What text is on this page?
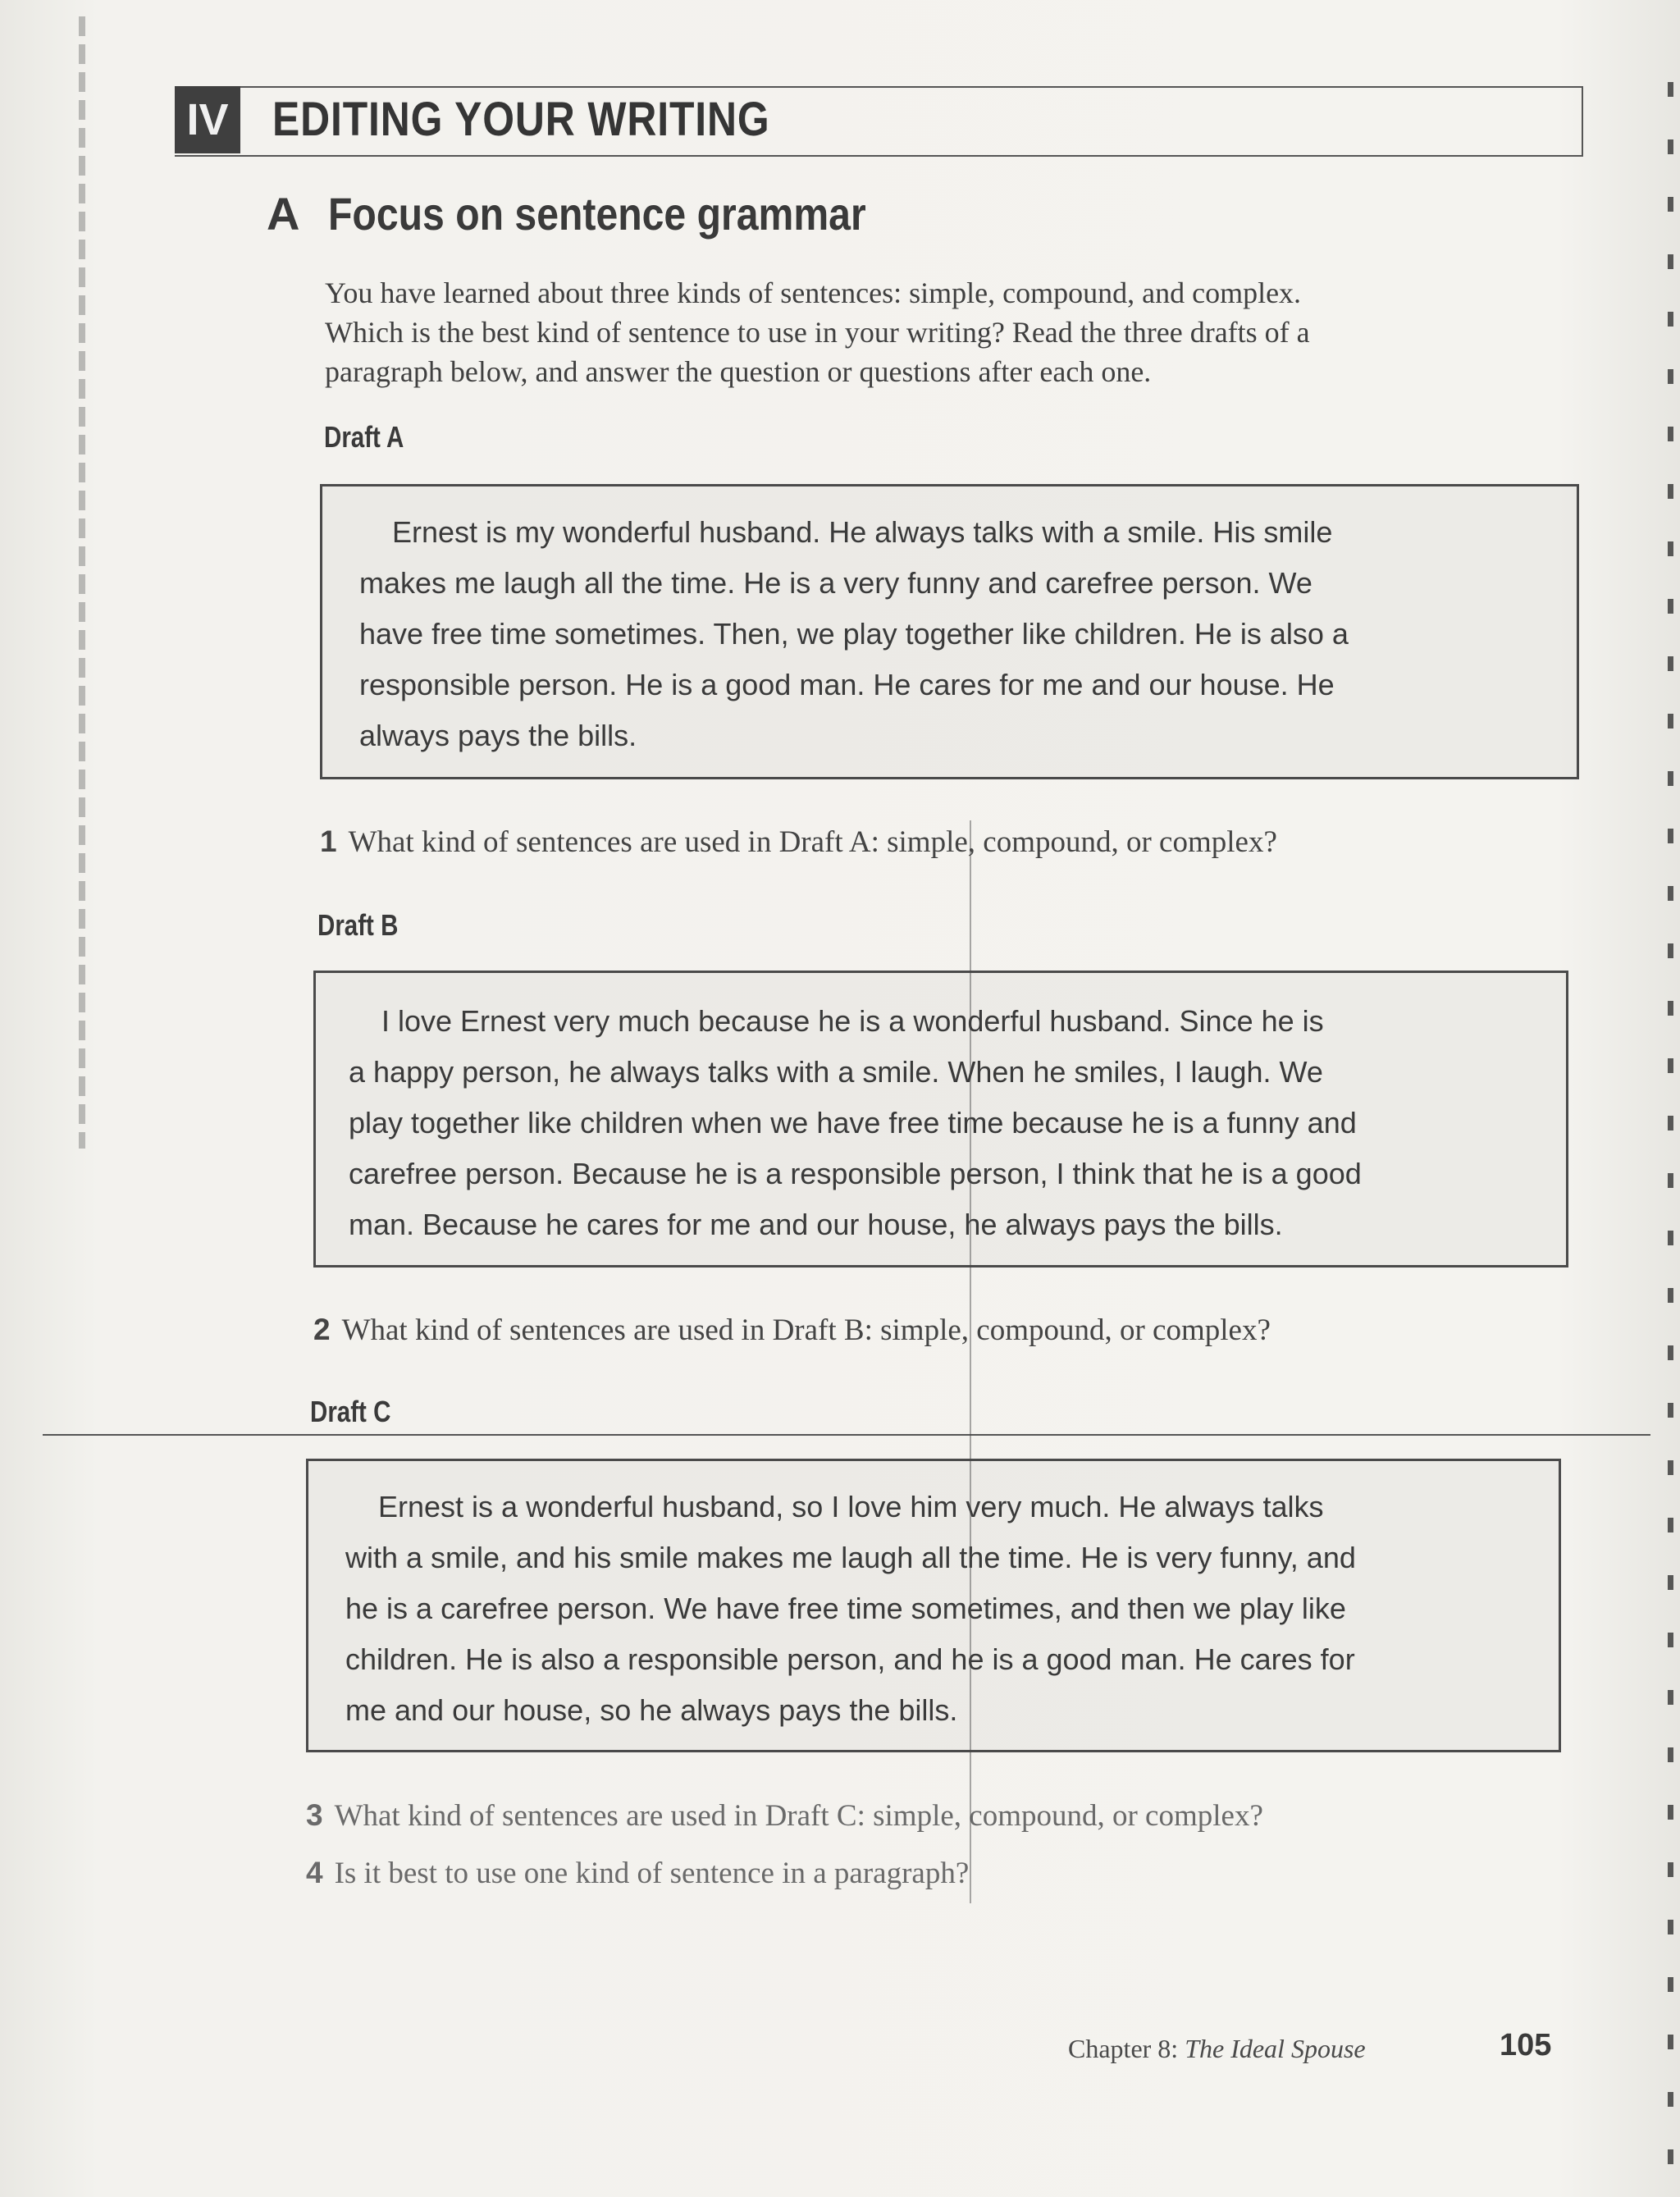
IV EDITING YOUR WRITING
A Focus on sentence grammar
You have learned about three kinds of sentences: simple, compound, and complex.
Which is the best kind of sentence to use in your writing? Read the three drafts of a
paragraph below, and answer the question or questions after each one.
Draft A
Ernest is my wonderful husband. He always talks with a smile. His smile
makes me laugh all the time. He is a very funny and carefree person. We
have free time sometimes. Then, we play together like children. He is also a
responsible person. He is a good man. He cares for me and our house. He
always pays the bills.
1 What kind of sentences are used in Draft A: simple, compound, or complex?
Draft B
I love Ernest very much because he is a wonderful husband. Since he is
a happy person, he always talks with a smile. When he smiles, I laugh. We
play together like children when we have free time because he is a funny and
carefree person. Because he is a responsible person, I think that he is a good
man. Because he cares for me and our house, he always pays the bills.
2 What kind of sentences are used in Draft B: simple, compound, or complex?
Draft C
Ernest is a wonderful husband, so I love him very much. He always talks
with a smile, and his smile makes me laugh all the time. He is very funny, and
he is a carefree person. We have free time sometimes, and then we play like
children. He is also a responsible person, and he is a good man. He cares for
me and our house, so he always pays the bills.
3 What kind of sentences are used in Draft C: simple, compound, or complex?
4 Is it best to use one kind of sentence in a paragraph?
Chapter 8: The Ideal Spouse	105
